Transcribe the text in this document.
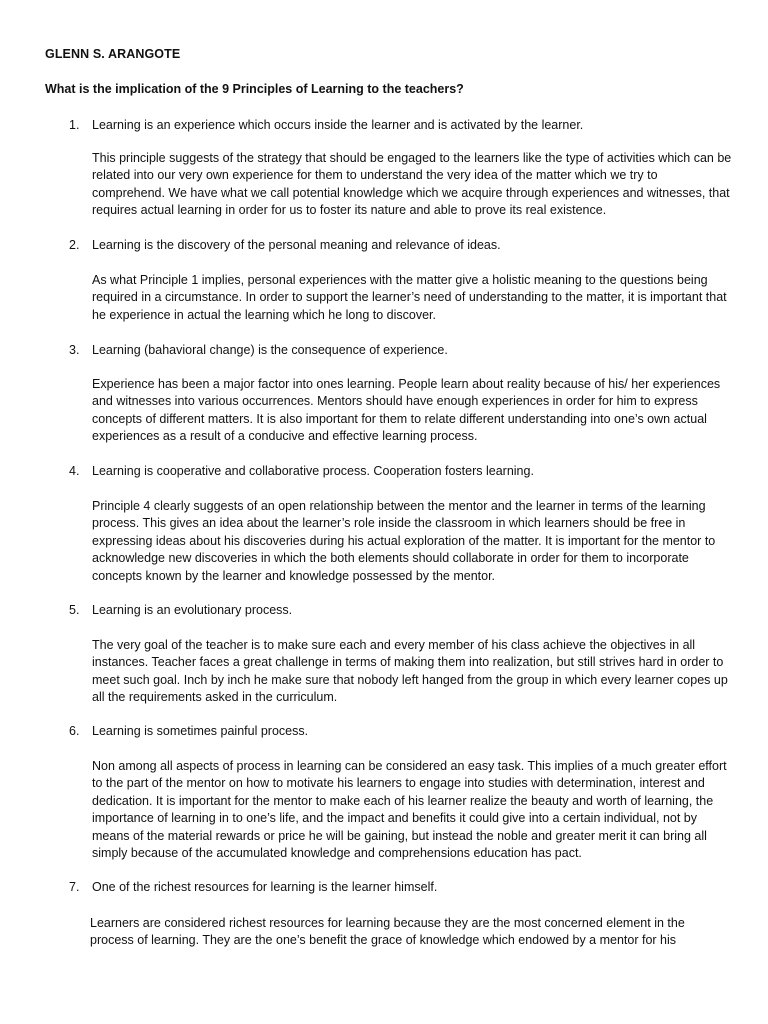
GLENN S. ARANGOTE
What is the implication of the 9 Principles of Learning to the teachers?
1. Learning is an experience which occurs inside the learner and is activated by the learner.
This principle suggests of the strategy that should be engaged to the learners like the type of activities which can be related into our very own experience for them to understand the very idea of the matter which we try to comprehend. We have what we call potential knowledge which we acquire through experiences and witnesses, that requires actual learning in order for us to foster its nature and able to prove its real existence.
2. Learning is the discovery of the personal meaning and relevance of ideas.
As what Principle 1 implies, personal experiences with the matter give a holistic meaning to the questions being required in a circumstance. In order to support the learner’s need of understanding to the matter, it is important that he experience in actual the learning which he long to discover.
3. Learning (bahavioral change) is the consequence of experience.
Experience has been a major factor into ones learning. People learn about reality because of his/ her experiences and witnesses into various occurrences. Mentors should have enough experiences in order for him to express concepts of different matters. It is also important for them to relate different understanding into one’s own actual experiences as a result of a conducive and effective learning process.
4. Learning is cooperative and collaborative process. Cooperation fosters learning.
Principle 4 clearly suggests of an open relationship between the mentor and the learner in terms of the learning process. This gives an idea about the learner’s role inside the classroom in which learners should be free in expressing ideas about his discoveries during his actual exploration of the matter. It is important for the mentor to acknowledge new discoveries in which the both elements should collaborate in order for them to incorporate concepts known by the learner and knowledge possessed by the mentor.
5. Learning is an evolutionary process.
The very goal of the teacher is to make sure each and every member of his class achieve the objectives in all instances. Teacher faces a great challenge in terms of making them into realization, but still strives hard in order to meet such goal. Inch by inch he make sure that nobody left hanged from the group in which every learner copes up all the requirements asked in the curriculum.
6. Learning is sometimes painful process.
Non among all aspects of process in learning can be considered an easy task. This implies of a much greater effort to the part of the mentor on how to motivate his learners to engage into studies with determination, interest and dedication. It is important for the mentor to make each of his learner realize the beauty and worth of learning, the importance of learning in to one’s life, and the impact and benefits it could give into a certain individual, not by means of the material rewards or price he will be gaining, but instead the noble and greater merit it can bring all simply because of the accumulated knowledge and comprehensions education has pact.
7. One of the richest resources for learning is the learner himself.
Learners are considered richest resources for learning because they are the most concerned element in the process of learning. They are the one’s benefit the grace of knowledge which endowed by a mentor for his
